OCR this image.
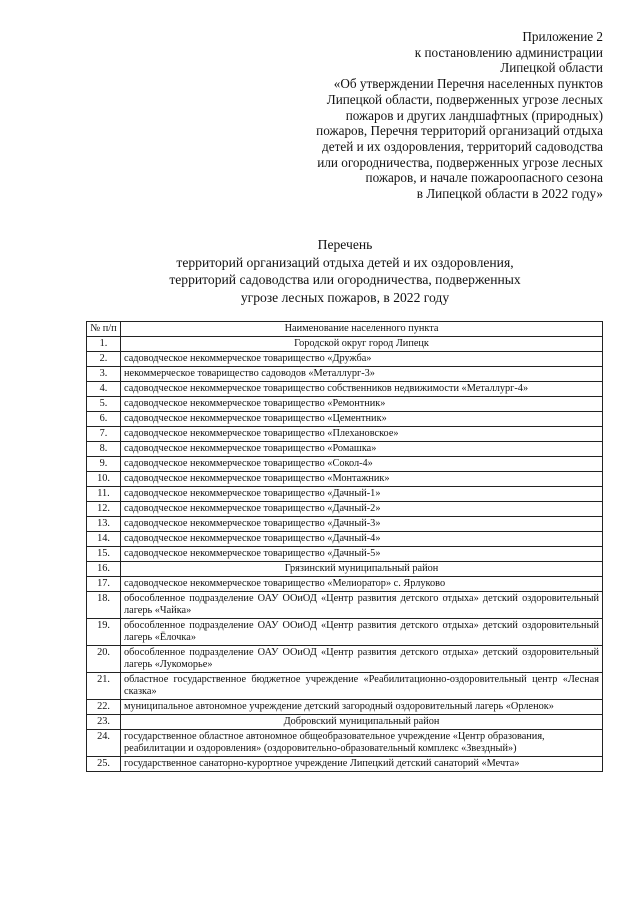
Приложение 2
к постановлению администрации
Липецкой области
«Об утверждении Перечня населенных пунктов
Липецкой области, подверженных угрозе лесных
пожаров и других ландшафтных (природных)
пожаров, Перечня территорий организаций отдыха
детей и их оздоровления, территорий садоводства
или огородничества, подверженных угрозе лесных
пожаров, и начале пожароопасного сезона
в Липецкой области в 2022 году»
Перечень
территорий организаций отдыха детей и их оздоровления,
территорий садоводства или огородничества, подверженных
угрозе лесных пожаров, в 2022 году
№ п/п	Наименование населенного пункта
1.	Городской округ город Липецк
2.	садоводческое некоммерческое товарищество «Дружба»
3.	некоммерческое товарищество садоводов «Металлург-3»
4.	садоводческое некоммерческое товарищество собственников недвижимости «Металлург-4»
5.	садоводческое некоммерческое товарищество «Ремонтник»
6.	садоводческое некоммерческое товарищество «Цементник»
7.	садоводческое некоммерческое товарищество «Плехановское»
8.	садоводческое некоммерческое товарищество «Ромашка»
9.	садоводческое некоммерческое товарищество «Сокол-4»
10.	садоводческое некоммерческое товарищество «Монтажник»
11.	садоводческое некоммерческое товарищество «Дачный-1»
12.	садоводческое некоммерческое товарищество «Дачный-2»
13.	садоводческое некоммерческое товарищество «Дачный-3»
14.	садоводческое некоммерческое товарищество «Дачный-4»
15.	садоводческое некоммерческое товарищество «Дачный-5»
16.	Грязинский муниципальный район
17.	садоводческое некоммерческое товарищество «Мелиоратор» с. Ярлуково
18.	обособленное подразделение ОАУ ООиОД «Центр развития детского отдыха» детский оздоровительный лагерь «Чайка»
19.	обособленное подразделение ОАУ ООиОД «Центр развития детского отдыха» детский оздоровительный лагерь «Ёлочка»
20.	обособленное подразделение ОАУ ООиОД «Центр развития детского отдыха» детский оздоровительный лагерь «Лукоморье»
21.	областное государственное бюджетное учреждение «Реабилитационно-оздоровительный центр «Лесная сказка»
22.	муниципальное автономное учреждение детский загородный оздоровительный лагерь «Орленок»
23.	Добровский муниципальный район
24.	государственное областное автономное общеобразовательное учреждение «Центр образования, реабилитации и оздоровления» (оздоровительно-образовательный комплекс «Звездный»)
25.	государственное санаторно-курортное учреждение Липецкий детский санаторий «Мечта»
